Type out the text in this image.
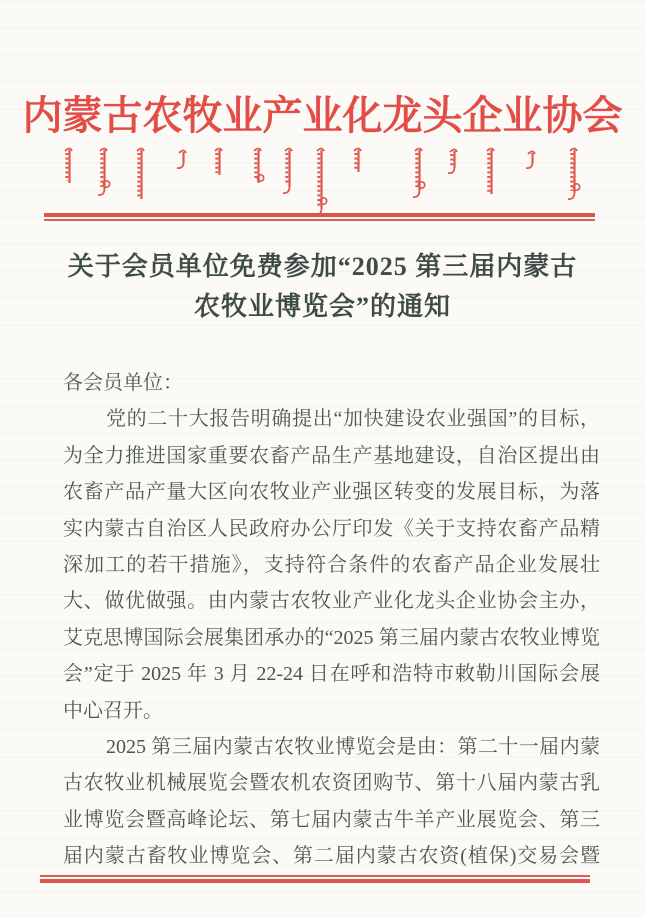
内蒙古农牧业产业化龙头企业协会
关于会员单位免费参加“2025 第三届内蒙古
农牧业博览会”的通知
各会员单位：
党的二十大报告明确提出“加快建设农业强国”的目标，
为全力推进国家重要农畜产品生产基地建设，自治区提出由
农畜产品产量大区向农牧业产业强区转变的发展目标，为落
实内蒙古自治区人民政府办公厅印发《关于支持农畜产品精
深加工的若干措施》，支持符合条件的农畜产品企业发展壮
大、做优做强。由内蒙古农牧业产业化龙头企业协会主办，
艾克思博国际会展集团承办的“2025 第三届内蒙古农牧业博览
会”定于 2025 年 3 月 22-24 日在呼和浩特市敕勒川国际会展
中心召开。
2025 第三届内蒙古农牧业博览会是由：第二十一届内蒙
古农牧业机械展览会暨农机农资团购节、第十八届内蒙古乳
业博览会暨高峰论坛、第七届内蒙古牛羊产业展览会、第三
届内蒙古畜牧业博览会、第二届内蒙古农资(植保)交易会暨
